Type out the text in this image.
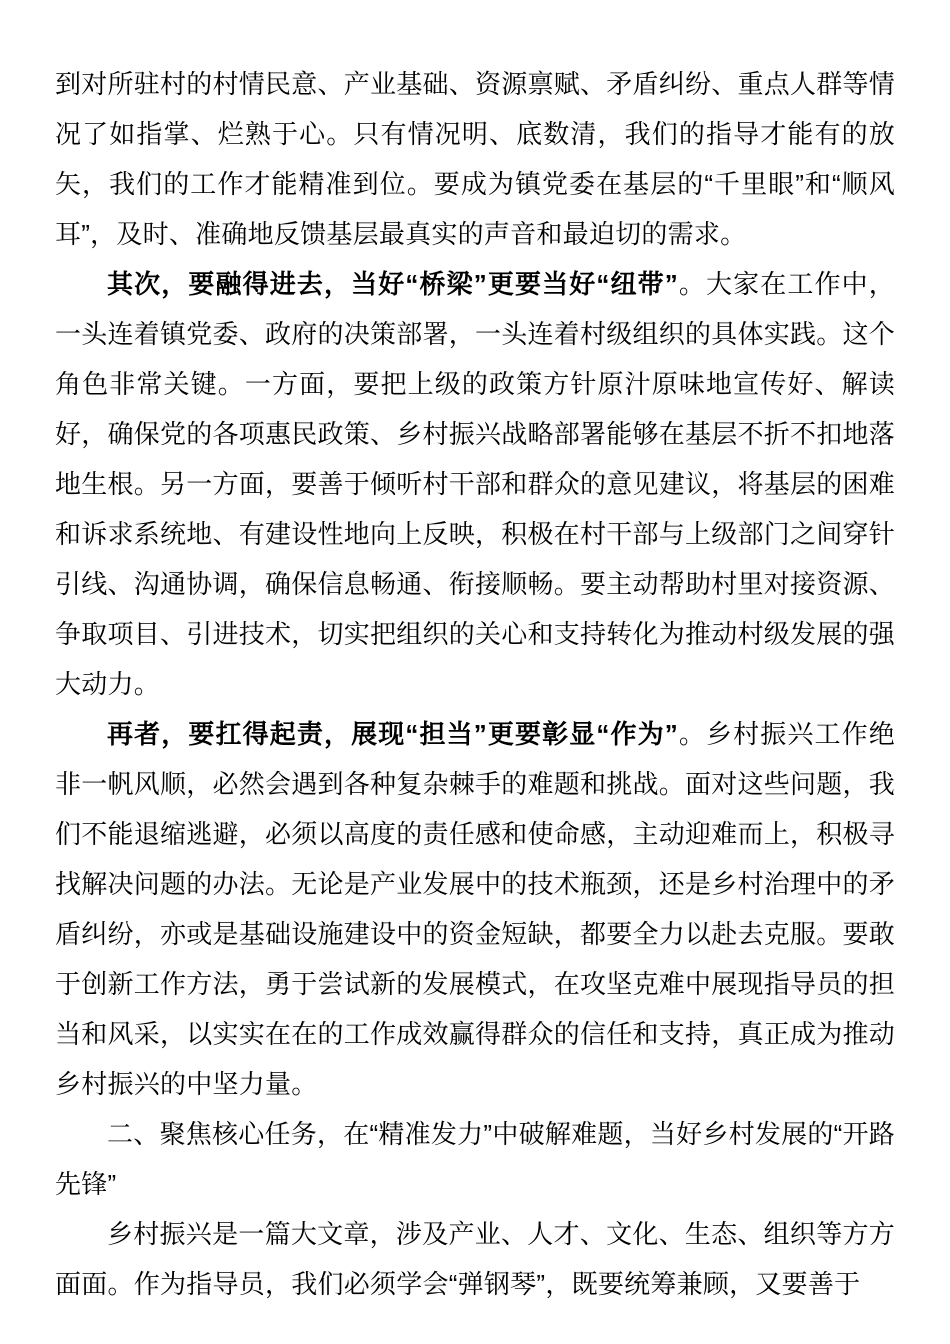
到对所驻村的村情民意、产业基础、资源禀赋、矛盾纠纷、重点人群等情况了如指掌、烂熟于心。只有情况明、底数清，我们的指导才能有的放矢，我们的工作才能精准到位。要成为镇党委在基层的“千里眼”和“顺风耳”，及时、准确地反馈基层最真实的声音和最迫切的需求。

其次，要融得进去，当好“桥梁”更要当好“纽带”。大家在工作中，一头连着镇党委、政府的决策部署，一头连着村级组织的具体实践。这个角色非常关键。一方面，要把上级的政策方针原汁原味地宣传好、解读好，确保党的各项惠民政策、乡村振兴战略部署能够在基层不折不扣地落地生根。另一方面，要善于倾听村干部和群众的意见建议，将基层的困难和诉求系统地、有建设性地向上反映，积极在村干部与上级部门之间穿针引线、沟通协调，确保信息畅通、衔接顺畅。要主动帮助村里对接资源、争取项目、引进技术，切实把组织的关心和支持转化为推动村级发展的强大动力。

再者，要扛得起责，展现“担当”更要彰显“作为”。乡村振兴工作绝非一帆风顺，必然会遇到各种复杂棘手的难题和挑战。面对这些问题，我们不能退缩逃避，必须以高度的责任感和使命感，主动迎难而上，积极寻找解决问题的办法。无论是产业发展中的技术瓶颈，还是乡村治理中的矛盾纠纷，亦或是基础设施建设中的资金短缺，都要全力以赴去克服。要敢于创新工作方法，勇于尝试新的发展模式，在攻坚克难中展现指导员的担当和风采，以实实在在的工作成效赢得群众的信任和支持，真正成为推动乡村振兴的中坚力量。

二、聚焦核心任务，在“精准发力”中破解难题，当好乡村发展的“开路先锋”

乡村振兴是一篇大文章，涉及产业、人才、文化、生态、组织等方方面面。作为指导员，我们必须学会“弹钢琴”，既要统筹兼顾，又要善于
